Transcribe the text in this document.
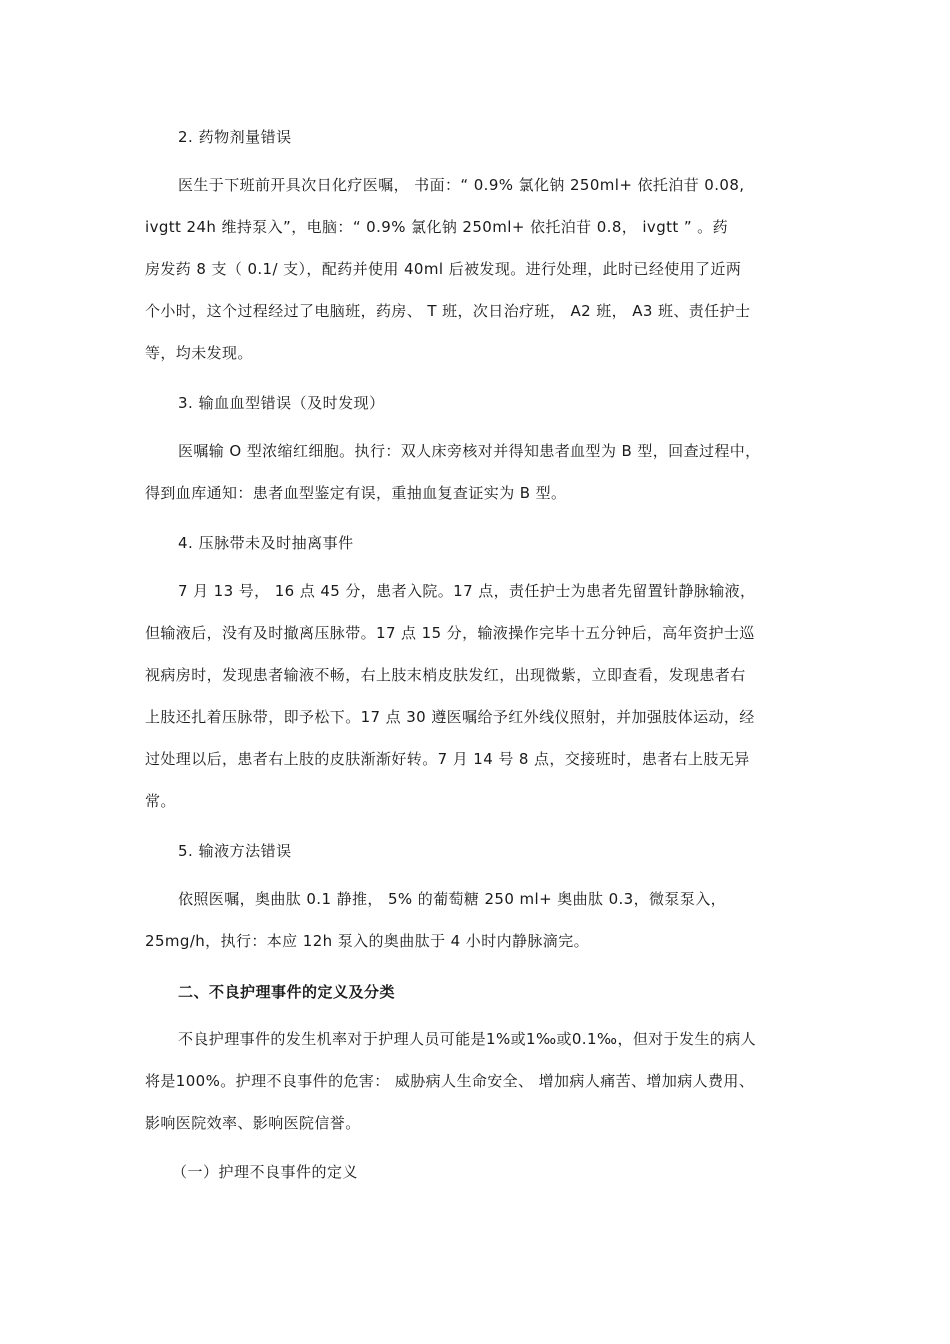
2. 药物剂量错误
医生于下班前开具次日化疗医嘱， 书面：“ 0.9% 氯化钠 250ml+ 依托泊苷 0.08,
ivgtt 24h 维持泵入”，电脑：“ 0.9% 氯化钠 250ml+ 依托泊苷 0.8， ivgtt ” 。药
房发药 8 支（ 0.1/ 支），配药并使用 40ml 后被发现。进行处理，此时已经使用了近两
个小时，这个过程经过了电脑班，药房、 T 班，次日治疗班， A2 班， A3 班、责任护士
等，均未发现。
3. 输血血型错误（及时发现）
医嘱输 O 型浓缩红细胞。执行：双人床旁核对并得知患者血型为 B 型，回查过程中，
得到血库通知：患者血型鉴定有误，重抽血复查证实为 B 型。
4. 压脉带未及时抽离事件
7 月 13 号， 16 点 45 分，患者入院。17 点，责任护士为患者先留置针静脉输液，
但输液后，没有及时撤离压脉带。17 点 15 分，输液操作完毕十五分钟后，高年资护士巡
视病房时，发现患者输液不畅，右上肢末梢皮肤发红，出现微紫，立即查看，发现患者右
上肢还扎着压脉带，即予松下。17 点 30 遵医嘱给予红外线仪照射，并加强肢体运动，经
过处理以后，患者右上肢的皮肤渐渐好转。7 月 14 号 8 点，交接班时，患者右上肢无异
常。
5. 输液方法错误
依照医嘱，奥曲肽 0.1 静推， 5% 的葡萄糖 250 ml+ 奥曲肽 0.3，微泵泵入，
25mg/h，执行：本应 12h 泵入的奥曲肽于 4 小时内静脉滴完。
二、不良护理事件的定义及分类
不良护理事件的发生机率对于护理人员可能是1%或1‰或0.1‰，但对于发生的病人
将是100%。护理不良事件的危害： 威胁病人生命安全、 增加病人痛苦、增加病人费用、
影响医院效率、影响医院信誉。
（一）护理不良事件的定义
